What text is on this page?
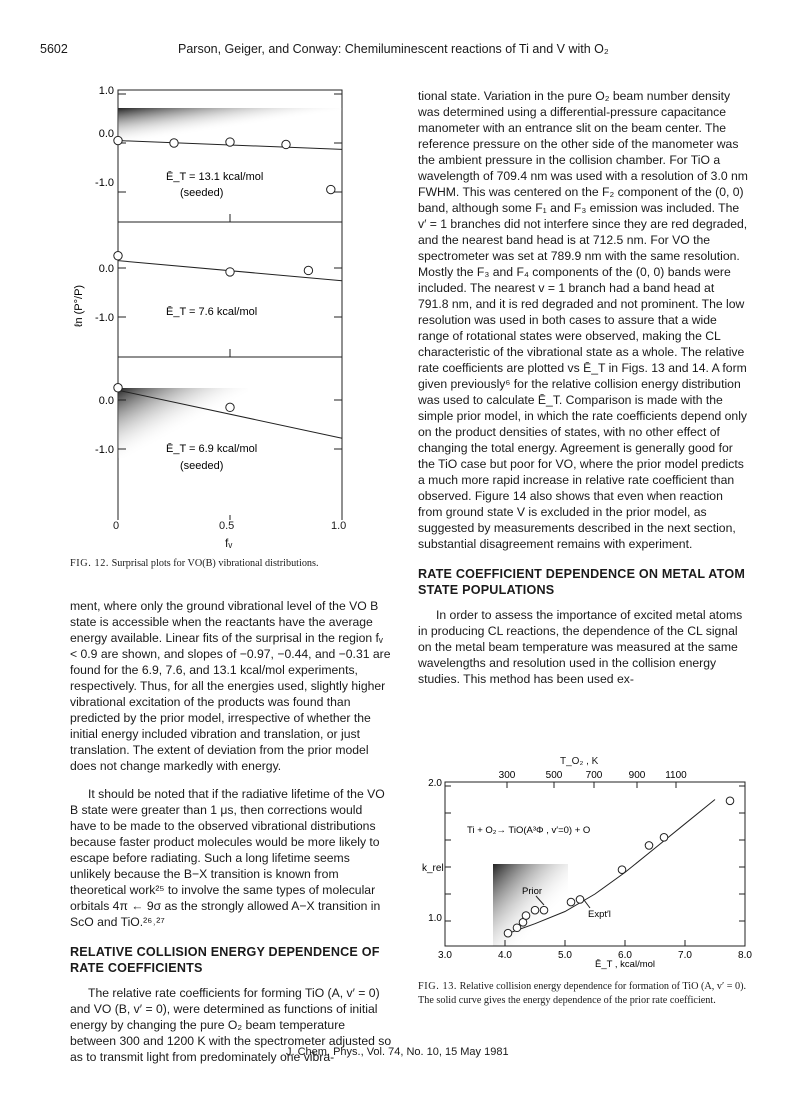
5602	Parson, Geiger, and Conway: Chemiluminescent reactions of Ti and V with O₂
1.0
0.0
-1.0
0.0
-1.0
0.0
-1.0
Ē_T = 13.1 kcal/mol
(seeded)
Ē_T = 7.6 kcal/mol
Ē_T = 6.9 kcal/mol
(seeded)
ℓn (P°/P)
0	0.5	1.0
fᵥ
FIG. 12. Surprisal plots for VO(B) vibrational distributions.

ment, where only the ground vibrational level of the VO B state is accessible when the reactants have the average energy available. Linear fits of the surprisal in the region fᵥ < 0.9 are shown, and slopes of −0.97, −0.44, and −0.31 are found for the 6.9, 7.6, and 13.1 kcal/mol experiments, respectively. Thus, for all the energies used, slightly higher vibrational excitation of the products was found than predicted by the prior model, irrespective of whether the initial energy included vibration and translation, or just translation. The extent of deviation from the prior model does not change markedly with energy.

It should be noted that if the radiative lifetime of the VO B state were greater than 1 μs, then corrections would have to be made to the observed vibrational distributions because faster product molecules would be more likely to escape before radiating. Such a long lifetime seems unlikely because the B−X transition is known from theoretical work²⁵ to involve the same types of molecular orbitals 4π ← 9σ as the strongly allowed A−X transition in ScO and TiO.²⁶˒²⁷

RELATIVE COLLISION ENERGY DEPENDENCE OF RATE COEFFICIENTS

The relative rate coefficients for forming TiO (A, v′ = 0) and VO (B, v′ = 0), were determined as functions of initial energy by changing the pure O₂ beam temperature between 300 and 1200 K with the spectrometer adjusted so as to transmit light from predominately one vibra-

tional state. Variation in the pure O₂ beam number density was determined using a differential-pressure capacitance manometer with an entrance slit on the beam center. The reference pressure on the other side of the manometer was the ambient pressure in the collision chamber. For TiO a wavelength of 709.4 nm was used with a resolution of 3.0 nm FWHM. This was centered on the F₂ component of the (0, 0) band, although some F₁ and F₃ emission was included. The v′ = 1 branches did not interfere since they are red degraded, and the nearest band head is at 712.5 nm. For VO the spectrometer was set at 789.9 nm with the same resolution. Mostly the F₃ and F₄ components of the (0, 0) bands were included. The nearest v = 1 branch had a band head at 791.8 nm, and it is red degraded and not prominent. The low resolution was used in both cases to assure that a wide range of rotational states were observed, making the CL characteristic of the vibrational state as a whole. The relative rate coefficients are plotted vs Ē_T in Figs. 13 and 14. A form given previously⁶ for the relative collision energy distribution was used to calculate Ē_T. Comparison is made with the simple prior model, in which the rate coefficients depend only on the product densities of states, with no other effect of changing the total energy. Agreement is generally good for the TiO case but poor for VO, where the prior model predicts a much more rapid increase in relative rate coefficient than observed. Figure 14 also shows that even when reaction from ground state V is excluded in the prior model, as suggested by measurements described in the next section, substantial disagreement remains with experiment.

RATE COEFFICIENT DEPENDENCE ON METAL ATOM STATE POPULATIONS

In order to assess the importance of excited metal atoms in producing CL reactions, the dependence of the CL signal on the metal beam temperature was measured at the same wavelengths and resolution used in the collision energy studies. This method has been used ex-

T_O₂ , K
3.0	4.0	5.0	6.0	7.0	8.0
300	500 700	900 1100
Ti + O₂→ TiO(A³Φ , v′=0) + O
Prior
Expt′l
2.0
1.0
k_rel
Ē_T , kcal/mol
FIG. 13. Relative collision energy dependence for formation of TiO (A, v′ = 0). The solid curve gives the energy dependence of the prior rate coefficient.
J. Chem. Phys., Vol. 74, No. 10, 15 May 1981
